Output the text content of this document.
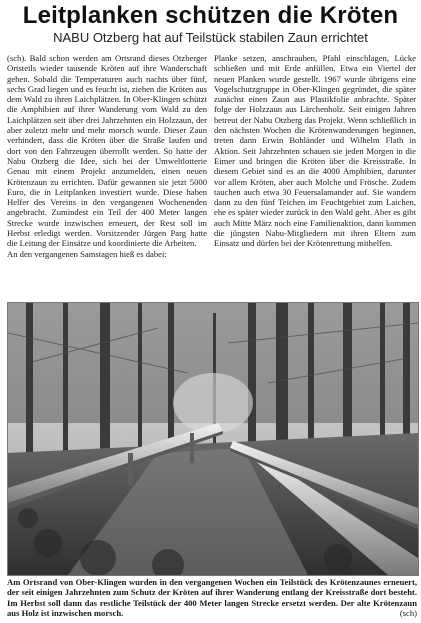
Leitplanken schützen die Kröten
NABU Otzberg hat auf Teilstück stabilen Zaun errichtet

(sch). Bald schon werden am Ortsrand dieses Otzberger Ortsteils wieder tausende Kröten auf ihre Wanderschaft gehen. Sobald die Temperaturen auch nachts über fünf, sechs Grad liegen und es feucht ist, ziehen die Kröten aus dem Wald zu ihren Laichplätzen. In Ober-Klingen schützt die Amphibien auf ihrer Wanderung vom Wald zu den Laichplätzen seit über drei Jahrzehnten ein Holzzaun, der aber zuletzt mehr und mehr morsch wurde. Dieser Zaun verhindert, dass die Kröten über die Straße laufen und dort von den Fahrzeugen überrollt werden. So hatte der Nabu Otzberg die Idee, sich bei der Umweltlotterie Genau mit einem Projekt anzumelden, einen neuen Krötenzaun zu errichten. Dafür gewannen sie jetzt 5000 Euro, die in Leitplanken investiert wurde. Diese haben Helfer des Vereins in den vergangenen Wochenenden angebracht. Zumindest ein Teil der 400 Meter langen Strecke wurde inzwischen erneuert, der Rest soll im Herbst erledigt werden. Vorsitzender Jürgen Parg hatte die Leitung der Einsätze und koordinierte die Arbeiten.

An den vergangenen Samstagen hieß es dabei:

Planke setzen, anschrauben, Pfahl einschlagen, Lücke schließen und mit Erde anfüllen. Etwa ein Viertel der neuen Planken wurde gestellt. 1967 wurde übrigens eine Vogelschutzgruppe in Ober-Klingen gegründet, die später zunächst einen Zaun aus Plastikfolie anbrachte. Später folge der Holzzaun aus Lärchenholz. Seit einigen Jahren betreut der Nabu Otzberg das Projekt. Wenn schließlich in den nächsten Wochen die Krötenwanderungen beginnen, treten dann Erwin Bohländer und Wilhelm Flath in Aktion. Seit Jahrzehnten schauen sie jeden Morgen in die Eimer und bringen die Kröten über die Kreisstraße. In diesem Gebiet sind es an die 4000 Amphibien, darunter vor allem Kröten, aber auch Molche und Frösche. Zudem tauchen auch etwa 30 Feuersalamander auf. Sie wandern dann zu den fünf Teichen im Feuchtgebiet zum Laichen, ehe es später wieder zurück in den Wald geht. Aber es gibt auch Mitte März noch eine Familienaktion, dann kommen die jüngsten Nabu-Mitgliedern mit ihren Eltern zum Einsatz und dürfen bei der Krötenrettung mithelfen.

Am Ortsrand von Ober-Klingen wurden in den vergangenen Wochen ein Teilstück des Krötenzaunes erneuert, der seit einigen Jahrzehnten zum Schutz der Kröten auf ihrer Wanderung entlang der Kreisstraße dort besteht. Im Herbst soll dann das restliche Teilstück der 400 Meter langen Strecke ersetzt werden. Der alte Krötenzaun aus Holz ist inzwischen morsch.	(sch)
